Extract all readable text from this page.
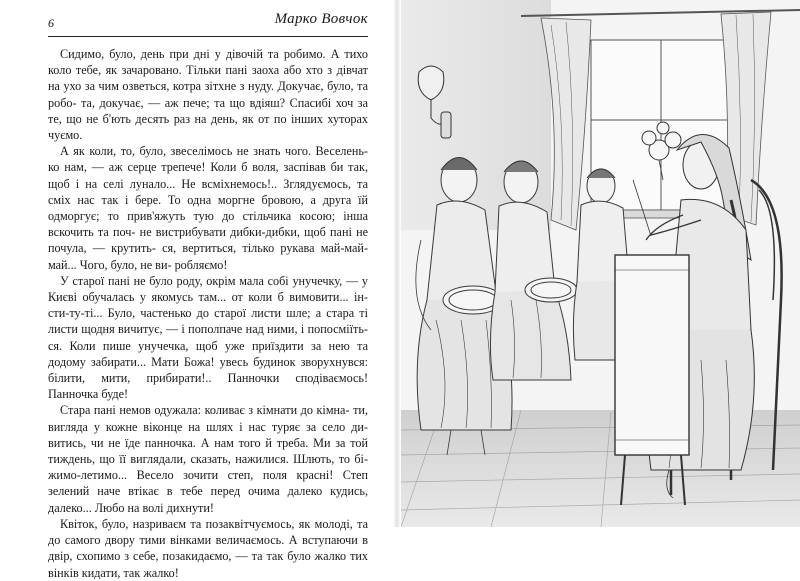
6	Марко Вовчок

Сидимо, було, день при дні у дівочій та робимо. А тихо коло тебе, як зачаровано. Тільки пані заоха або хто з дівчат на ухо за чим озветься, котра зітхне з нуду. Докучає, було, та робо- та, докучає, — аж пече; та що вдіяш? Спасибі хоч за те, що не б'ють десять раз на день, як от по інших хуторах чуємо.

А як коли, то, було, звеселімось не знать чого. Веселень- ко нам, — аж серце трепече! Коли б воля, заспівав би так, щоб і на селі лунало... Не всміхнемось!.. Зглядуємось, та сміх нас так і бере. То одна моргне бровою, а друга їй одморгує; то прив'яжуть тую до стільчика косою; інша вскочить та поч- не вистрибувати дибки-дибки, щоб пані не почула, — крутить- ся, вертиться, тілько рукава май-май-май... Чого, було, не ви- робляємо!

У старої пані не було роду, окрім мала собі унучечку, — у Києві обучалась у якомусь там... от коли б вимовити... ін- сти-ту-ті... Було, частенько до старої листи шле; а стара ті листи щодня вичитує, — і пополпаче над ними, і попосміїть- ся. Коли пише унучечка, щоб уже приїздити за нею та додому забирати... Мати Божа! увесь будинок зворухнувся: білити, мити, прибирати!.. Панночки сподіваємось! Панночка буде!

Стара пані немов одужала: коливає з кімнати до кімна- ти, вигляда у кожне віконце на шлях і нас туряє за село ди- витись, чи не їде панночка. А нам того й треба. Ми за той тиждень, що її виглядали, сказать, нажилися. Шлють, то бі- жимо-летимо... Весело зочити степ, поля красні! Степ зелений наче втікає в тебе перед очима далеко кудись, далеко... Любо на волі дихнути!

Квіток, було, назриваєм та позаквітчуємось, як молоді, та до самого двору тими вінками величаємось. А вступаючи в двір, схопимо з себе, позакидаємо, — та так було жалко тих вінків кидати, так жалко!
